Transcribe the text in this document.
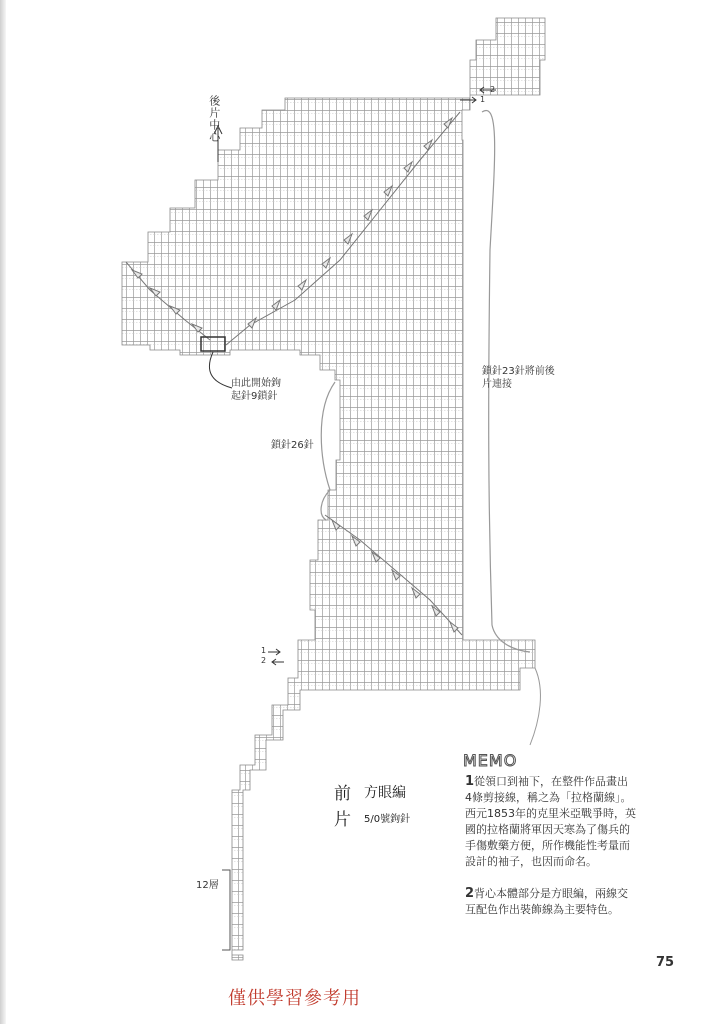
後片中心
由此開始鉤
起針9鎖針
鎖針26針
鎖針23針將前後
片連接
12層
1
2
1
2
前
片
方眼編
5/0號鉤針
MEMO
1從領口到袖下，在整件作品畫出
4條剪接線，稱之為「拉格蘭線」。
西元1853年的克里米亞戰爭時，英
國的拉格蘭將軍因天寒為了傷兵的
手傷敷藥方便，所作機能性考量而
設計的袖子，也因而命名。
2背心本體部分是方眼編，兩線交
互配色作出裝飾線為主要特色。
75
僅供學習參考用
